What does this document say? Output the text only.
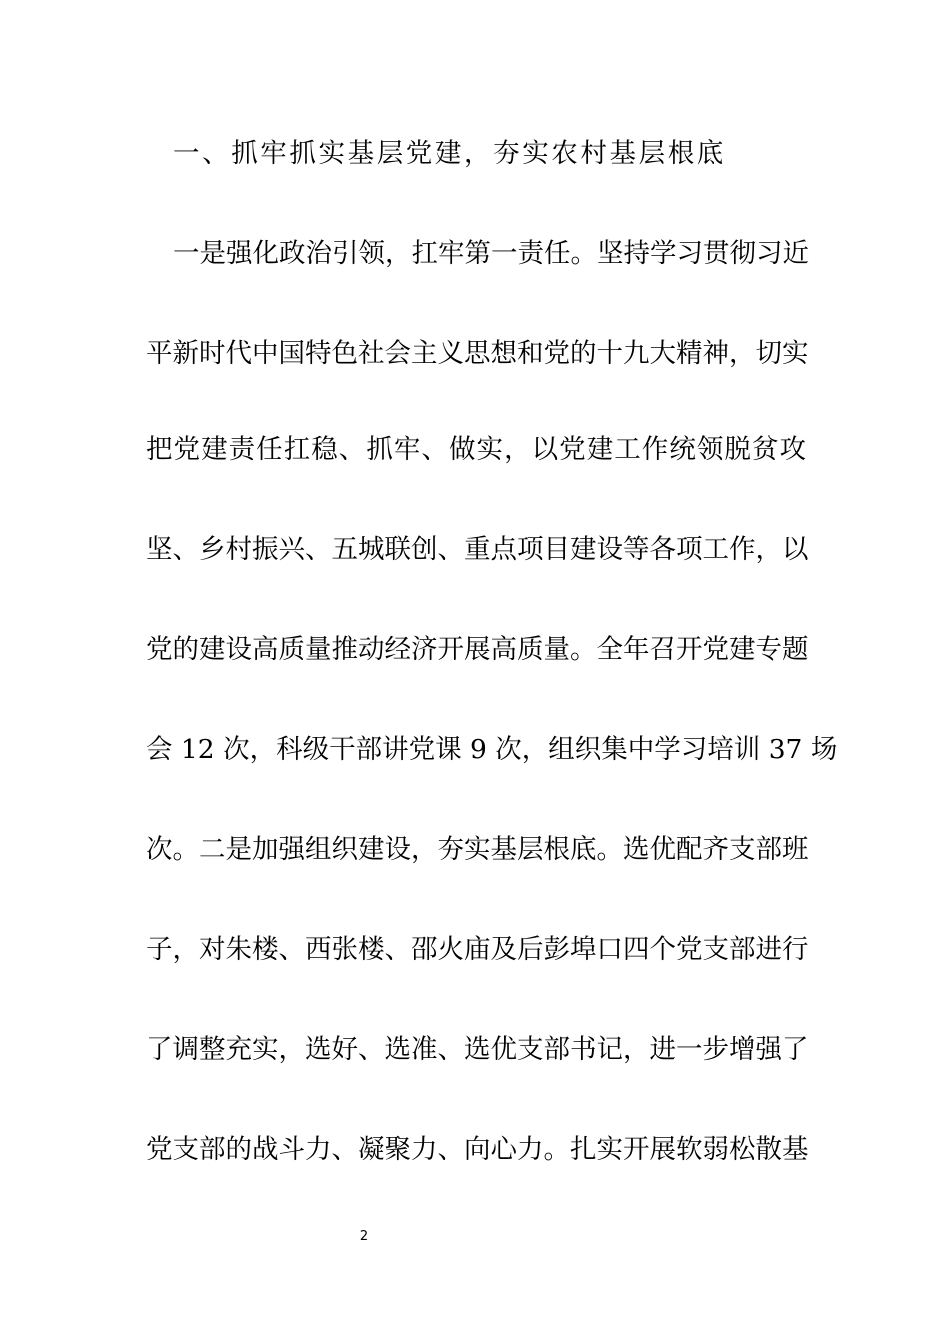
一、抓牢抓实基层党建，夯实农村基层根底
一是强化政治引领，扛牢第一责任。坚持学习贯彻习近
平新时代中国特色社会主义思想和党的十九大精神，切实
把党建责任扛稳、抓牢、做实，以党建工作统领脱贫攻
坚、乡村振兴、五城联创、重点项目建设等各项工作，以
党的建设高质量推动经济开展高质量。全年召开党建专题
会 12 次，科级干部讲党课 9 次，组织集中学习培训 37 场
次。二是加强组织建设，夯实基层根底。选优配齐支部班
子，对朱楼、西张楼、邵火庙及后彭埠口四个党支部进行
了调整充实，选好、选准、选优支部书记，进一步增强了
党支部的战斗力、凝聚力、向心力。扎实开展软弱松散基
2
